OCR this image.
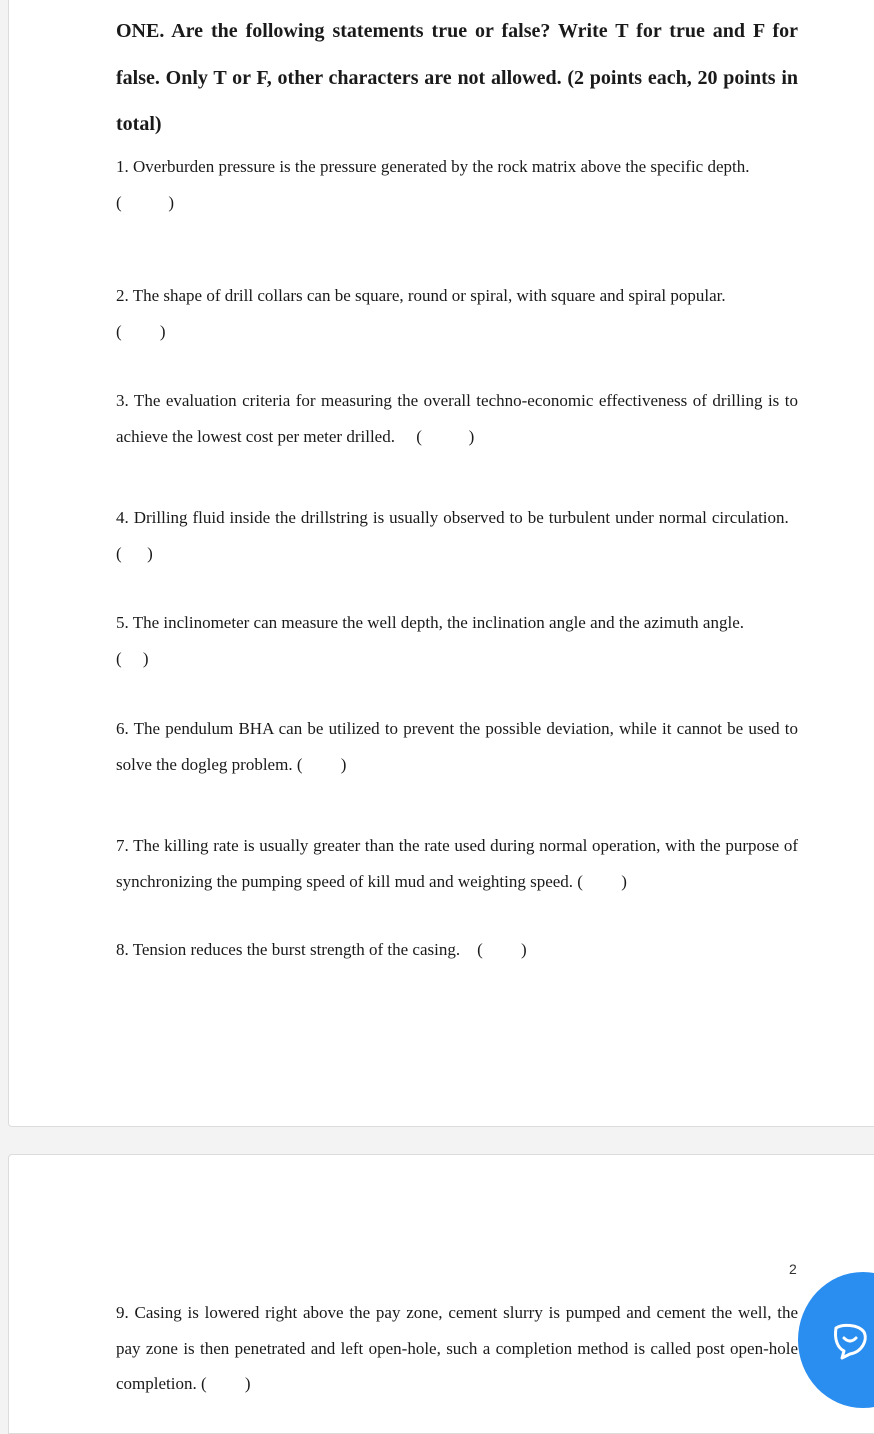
ONE. Are the following statements true or false? Write T for true and F for false. Only T or F, other characters are not allowed. (2 points each, 20 points in total)

1. Overburden pressure is the pressure generated by the rock matrix above the specific depth.
(           )

2. The shape of drill collars can be square, round or spiral, with square and spiral popular.
(         )

3. The evaluation criteria for measuring the overall techno-economic effectiveness of drilling is to achieve the lowest cost per meter drilled. (           )

4. Drilling fluid inside the drillstring is usually observed to be turbulent under normal circulation.   (      )

5. The inclinometer can measure the well depth, the inclination angle and the azimuth angle.
(     )

6. The pendulum BHA can be utilized to prevent the possible deviation, while it cannot be used to solve the dogleg problem. (         )

7. The killing rate is usually greater than the rate used during normal operation, with the purpose of synchronizing the pumping speed of kill mud and weighting speed. (         )

8. Tension reduces the burst strength of the casing. (         )

2

9. Casing is lowered right above the pay zone, cement slurry is pumped and cement the well, the pay zone is then penetrated and left open-hole, such a completion method is called post open-hole completion. (         )
